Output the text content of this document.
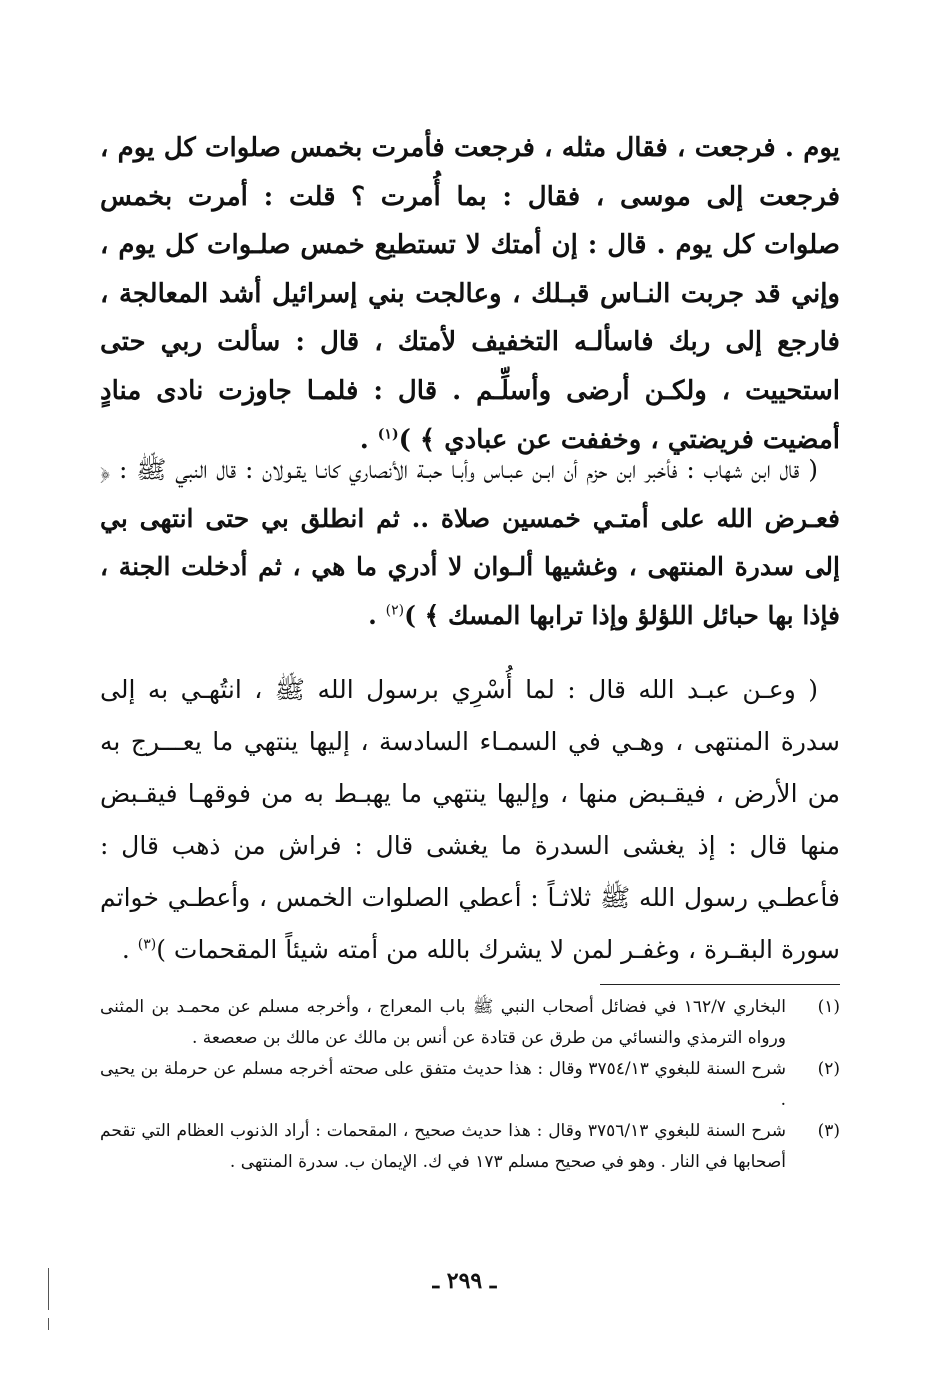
يوم . فرجعت ، فقال مثله ، فرجعت فأمرت بخمس صلوات كل يوم ، فرجعت إلى موسى ، فقال : بما أُمرت ؟ قلت : أمرت بخمس صلوات كل يوم . قال : إن أمتك لا تستطيع خمس صلـوات كل يوم ، وإني قد جربت النـاس قبـلك ، وعالجت بني إسرائيل أشد المعالجة ، فارجع إلى ربك فاسألـه التخفيف لأمتك ، قال : سألت ربي حتى استحييت ، ولكـن أرضى وأسلِّـم . قال : فلمـا جاوزت نادى منادٍ أمضيت فريضتي ، وخففت عن عبادي ﴾ )$^{(١)}$ .
( قال ابن شهاب : فأخبر ابن حزم أن ابـن عبـاس وأبـا حبـة الأنصاري كانـا يقـولان : قال النبي ﷺ : ﴿ فعـرض الله على أمتـي خمسين صلاة .. ثم انطلق بي حتى انتهى بي إلى سدرة المنتهى ، وغشيها ألـوان لا أدري ما هي ، ثم أدخلت الجنة ، فإذا بها حبائل اللؤلؤ وإذا ترابها المسك ﴾ )$^{(٢)}$ .
( وعـن عبـد الله قال : لما أُسْرِي برسول الله ﷺ ، انتُهـي به إلى سدرة المنتهى ، وهـي في السمـاء السادسة ، إليها ينتهي ما يعـــرج به من الأرض ، فيقـبض منها ، وإليها ينتهي ما يهبـط به من فوقهـا فيقـبض منها قال : إذ يغشى السدرة ما يغشى قال : فراش من ذهب قال : فأعطـي رسول الله ﷺ ثلاثـاً : أعطي الصلوات الخمس ، وأعطـي خواتم سورة البقـرة ، وغفـر لمن لا يشرك بالله من أمته شيئاً المقحمات )$^{(٣)}$ .
(١)
البخاري ١٦٢/٧ في فضائل أصحاب النبي ﷺ باب المعراج ، وأخرجه مسلم عن محمـد بن المثنى ورواه الترمذي والنسائي من طرق عن قتادة عن أنس بن مالك عن مالك بن صعصعة .
(٢)
شرح السنة للبغوي ٣٧٥٤/١٣ وقال : هذا حديث متفق على صحته أخرجه مسلم عن حرملة بن يحيى .
(٣)
شرح السنة للبغوي ٣٧٥٦/١٣ وقال : هذا حديث صحيح ، المقحمات : أراد الذنوب العظام التي تقحم أصحابها في النار . وهو في صحيح مسلم ١٧٣ في ك. الإيمان ب. سدرة المنتهى .
ـ ٢٩٩ ـ
